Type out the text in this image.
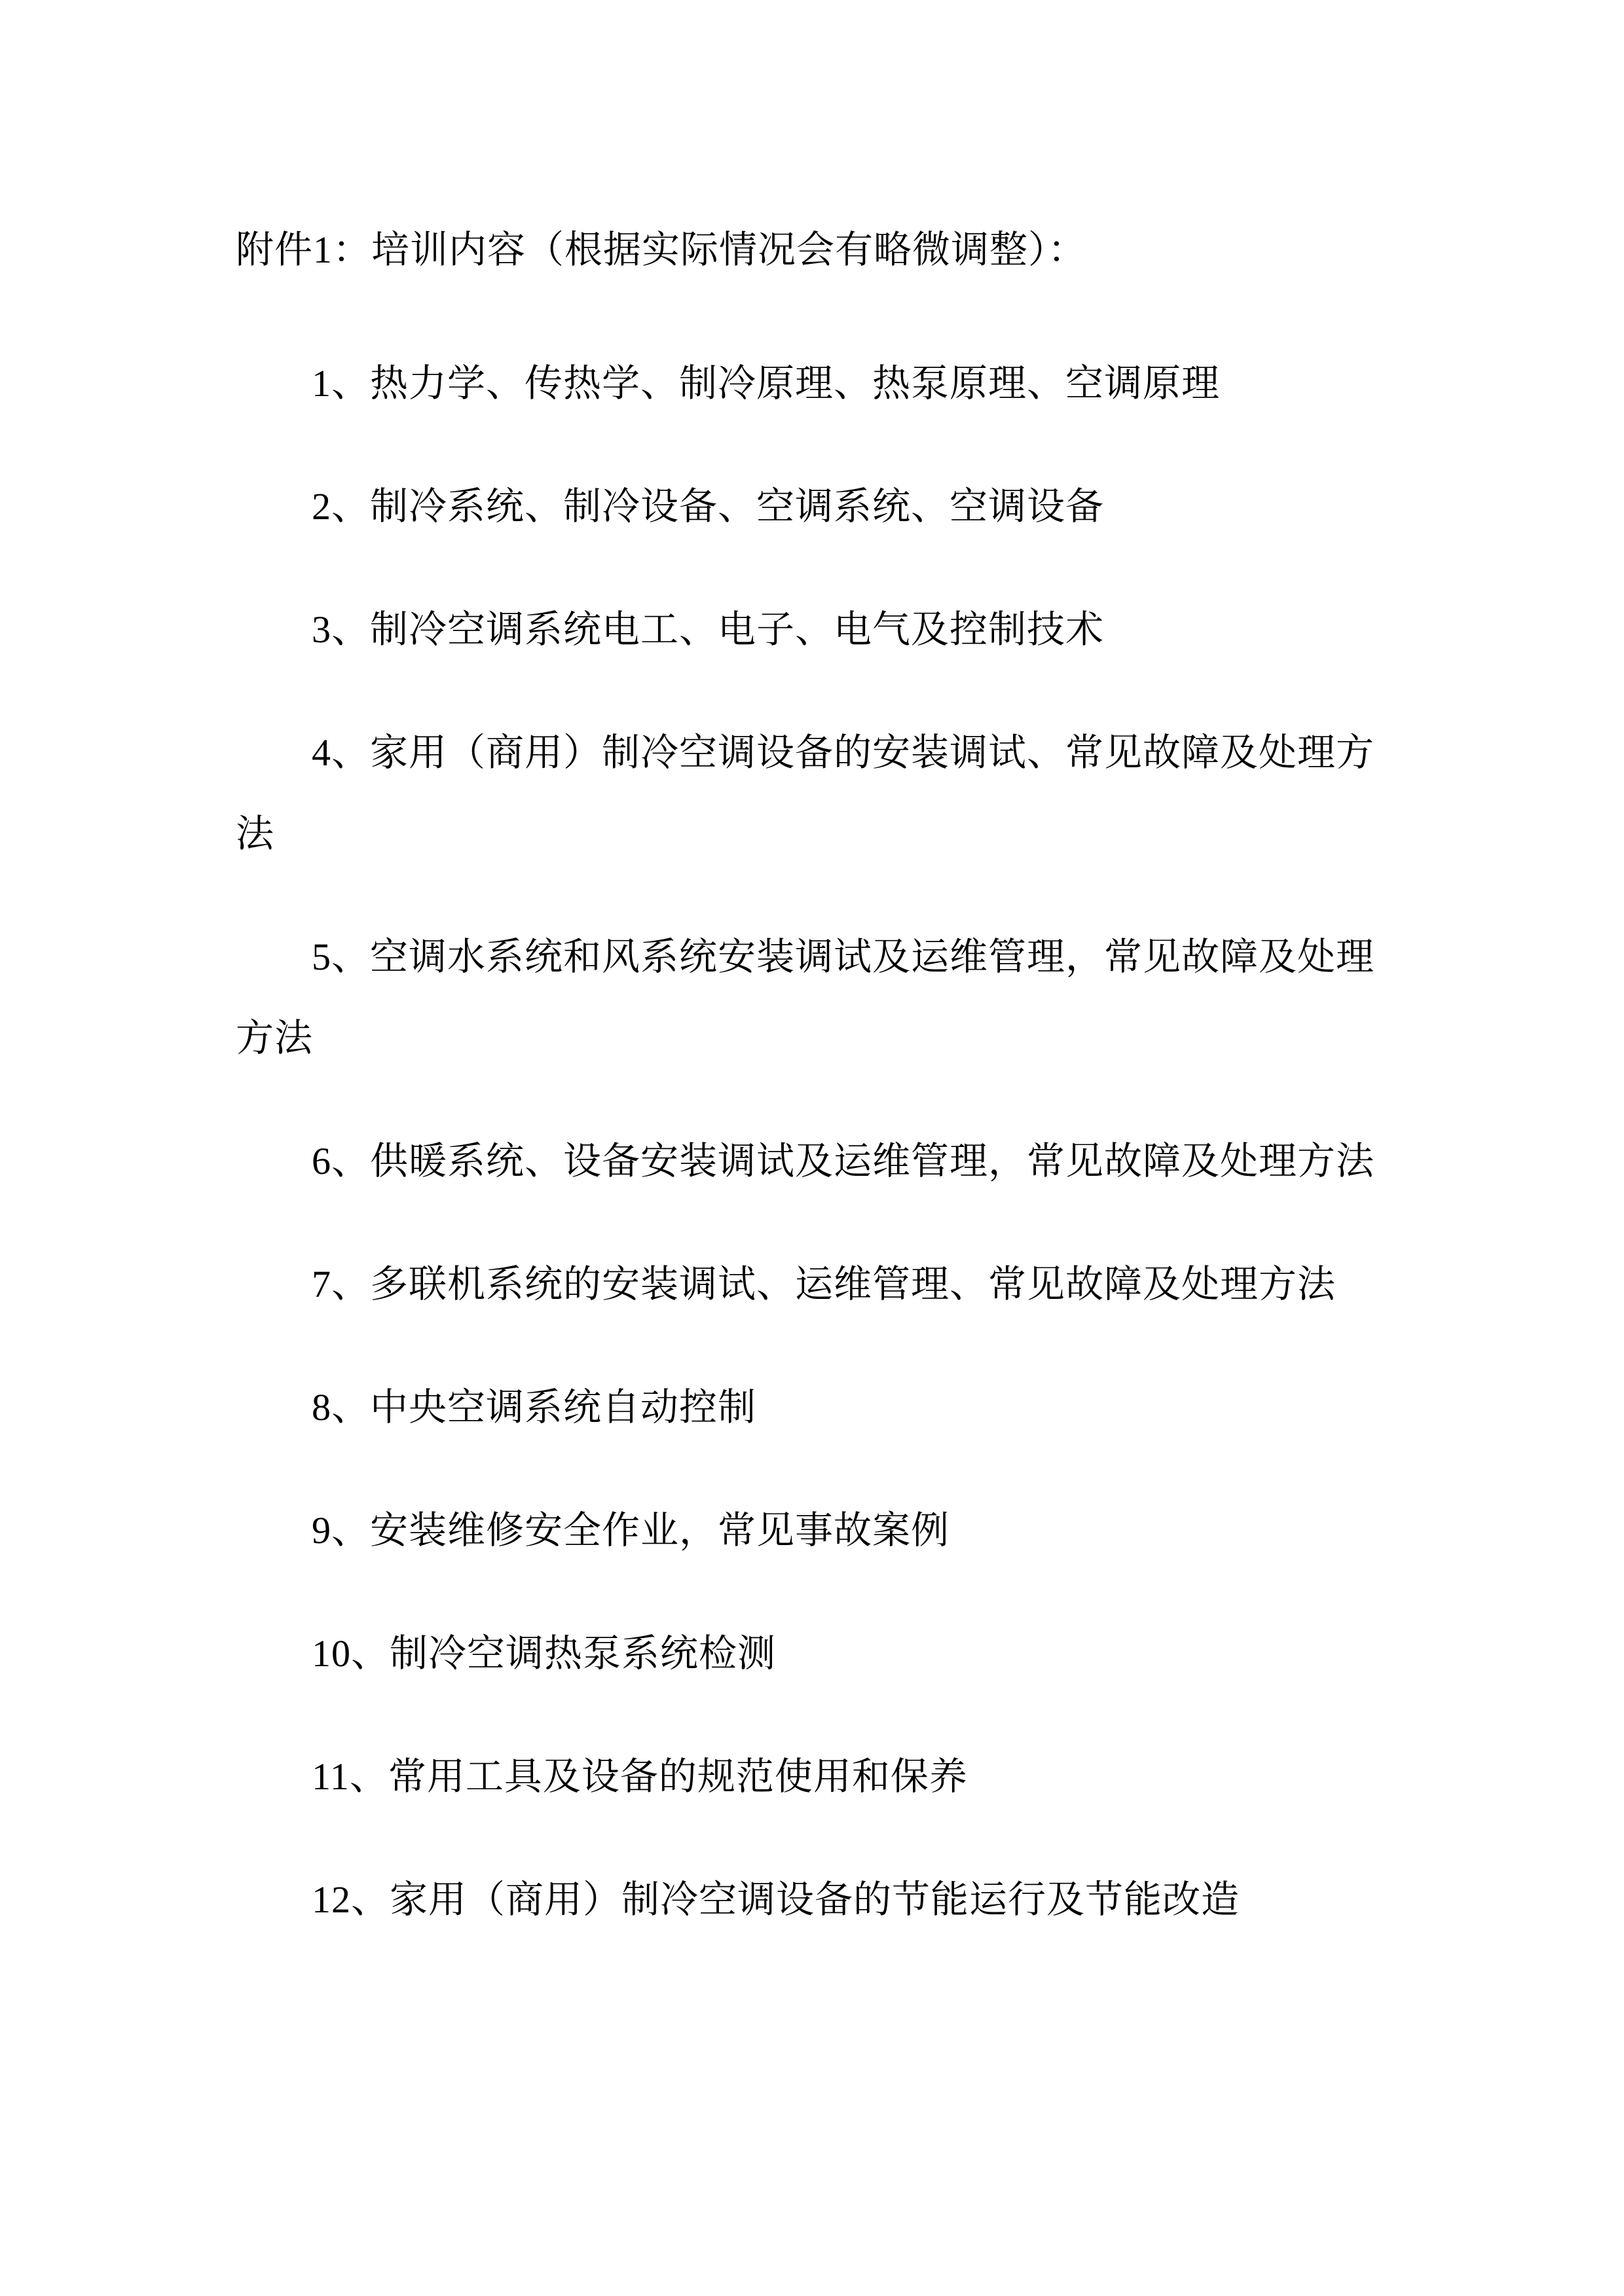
附件1：培训内容（根据实际情况会有略微调整）：

1、热力学、传热学、制冷原理、热泵原理、空调原理

2、制冷系统、制冷设备、空调系统、空调设备

3、制冷空调系统电工、电子、电气及控制技术

4、家用（商用）制冷空调设备的安装调试、常见故障及处理方法

5、空调水系统和风系统安装调试及运维管理，常见故障及处理方法

6、供暖系统、设备安装调试及运维管理，常见故障及处理方法

7、多联机系统的安装调试、运维管理、常见故障及处理方法

8、中央空调系统自动控制

9、安装维修安全作业，常见事故案例

10、制冷空调热泵系统检测

11、常用工具及设备的规范使用和保养

12、家用（商用）制冷空调设备的节能运行及节能改造
